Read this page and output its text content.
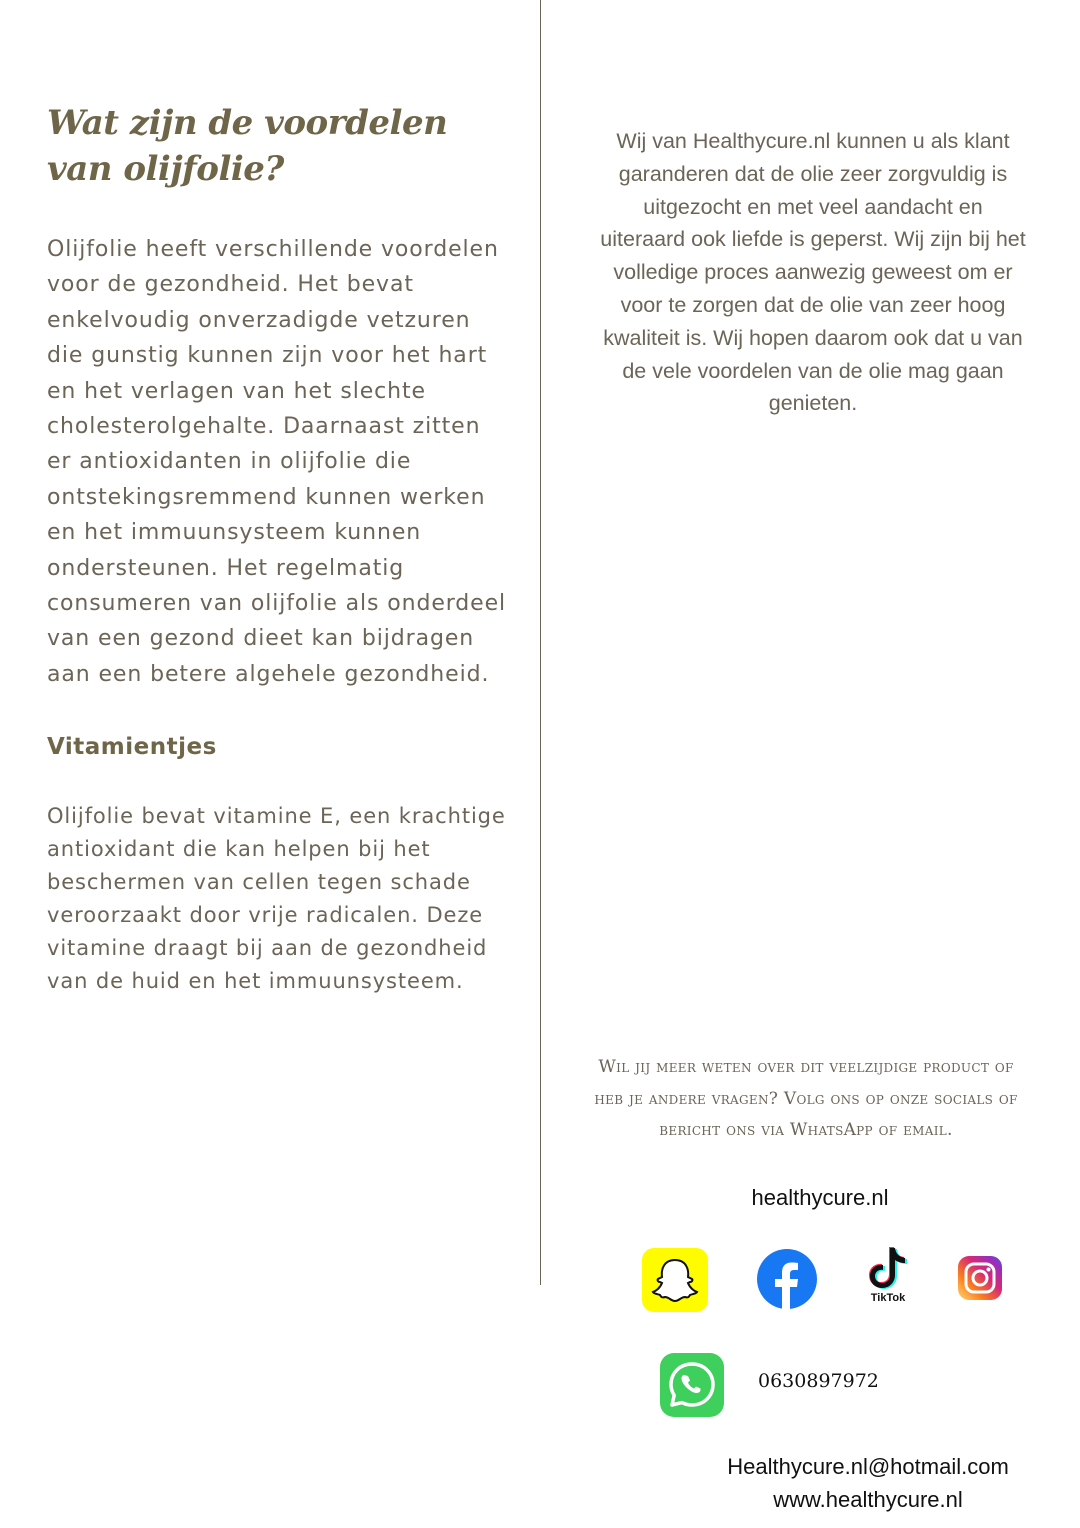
Wat zijn de voordelen
van olijfolie?

Olijfolie heeft verschillende voordelen voor de gezondheid. Het bevat enkelvoudig onverzadigde vetzuren die gunstig kunnen zijn voor het hart en het verlagen van het slechte cholesterolgehalte. Daarnaast zitten er antioxidanten in olijfolie die ontstekingsremmend kunnen werken en het immuunsysteem kunnen ondersteunen. Het regelmatig consumeren van olijfolie als onderdeel van een gezond dieet kan bijdragen aan een betere algehele gezondheid.

Vitamientjes

Olijfolie bevat vitamine E, een krachtige antioxidant die kan helpen bij het beschermen van cellen tegen schade veroorzaakt door vrije radicalen. Deze vitamine draagt bij aan de gezondheid van de huid en het immuunsysteem.

Wij van Healthycure.nl kunnen u als klant garanderen dat de olie zeer zorgvuldig is uitgezocht en met veel aandacht en uiteraard ook liefde is geperst. Wij zijn bij het volledige proces aanwezig geweest om er voor te zorgen dat de olie van zeer hoog kwaliteit is. Wij hopen daarom ook dat u van de vele voordelen van de olie mag gaan genieten.

Wil jij meer weten over dit veelzijdige product of heb je andere vragen? Volg ons op onze socials of bericht ons via WhatsApp of email.

healthycure.nl
TikTok
0630897972
Healthycure.nl@hotmail.com
www.healthycure.nl
